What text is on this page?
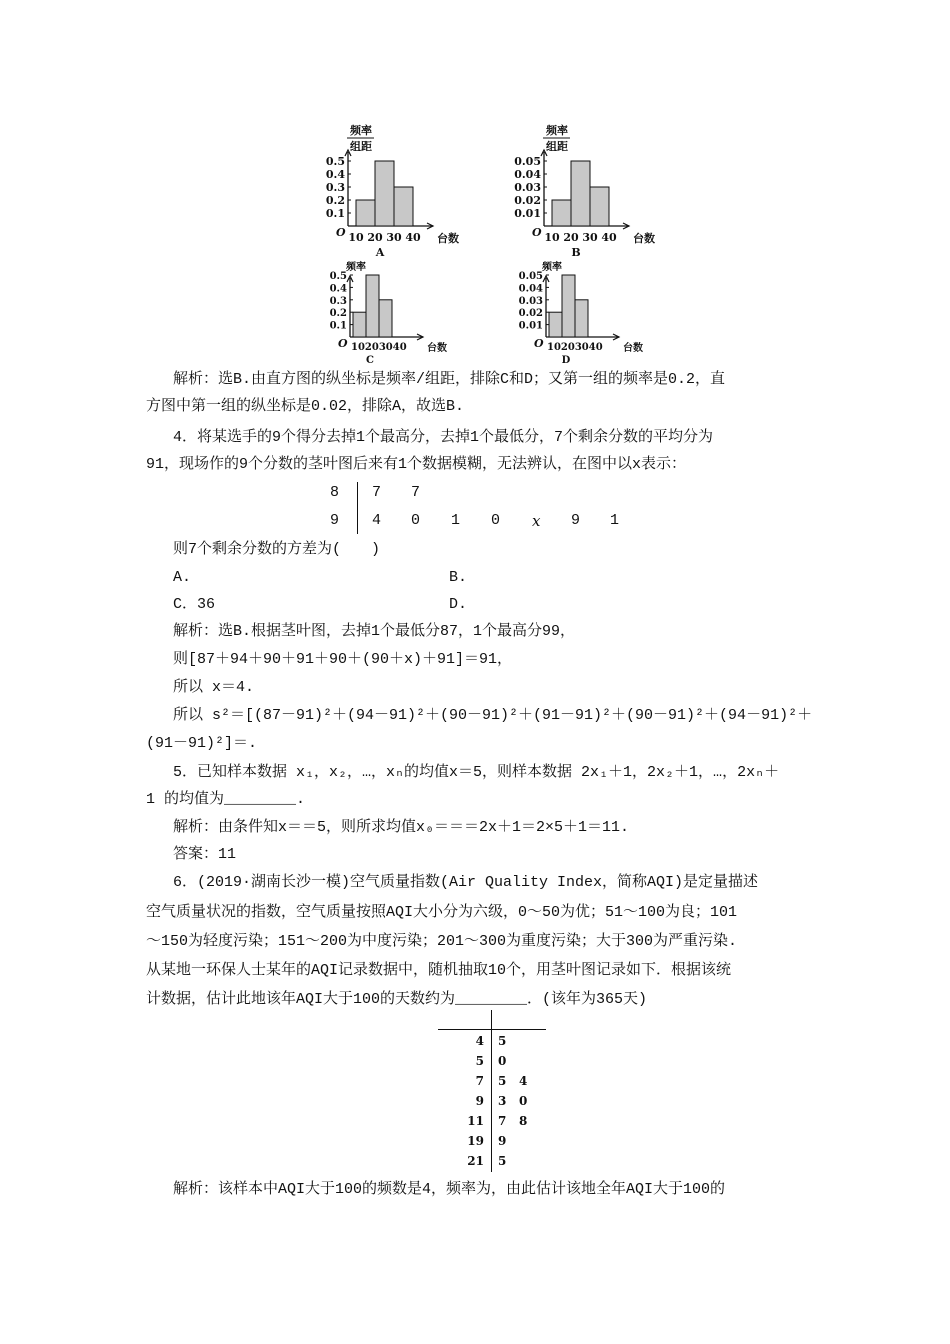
频率
组距
O
0.5
0.4
0.3
0.2
0.1
10 20 30 40 台数
A
频率
组距
O
0.05
0.04
0.03
0.02
0.01
10 20 30 40 台数
B
频率
O
0.5
0.4
0.3
0.2
0.1
10203040 台数
C
频率
O
0.05
0.04
0.03
0.02
0.01
10203040 台数
D
解析：选B.由直方图的纵坐标是频率/组距，排除C和D；又第一组的频率是0.2，直
方图中第一组的纵坐标是0.02，排除A，故选B.
4．将某选手的9个得分去掉1个最高分，去掉1个最低分，7个剩余分数的平均分为
91，现场作的9个分数的茎叶图后来有1个数据模糊，无法辨认，在图中以x表示：
8 7 7
9 4 0 1 0 x 9 1
则7个剩余分数的方差为(　　)
A.	B.
C．36	D.
解析：选B.根据茎叶图，去掉1个最低分87，1个最高分99，
则[87＋94＋90＋91＋90＋(90＋x)＋91]＝91，
所以 x＝4.
所以 s²＝[(87－91)²＋(94－91)²＋(90－91)²＋(91－91)²＋(90－91)²＋(94－91)²＋
(91－91)²]＝.
5．已知样本数据 x₁，x₂，…，xₙ的均值x＝5，则样本数据 2x₁＋1，2x₂＋1，…，2xₙ＋
1 的均值为________.
解析：由条件知x＝＝5，则所求均值x₀＝＝＝2x＋1＝2×5＋1＝11.
答案：11
6．(2019·湖南长沙一模)空气质量指数(Air Quality Index，简称AQI)是定量描述
空气质量状况的指数，空气质量按照AQI大小分为六级，0～50为优；51～100为良；101
～150为轻度污染；151～200为中度污染；201～300为重度污染；大于300为严重污染.
从某地一环保人士某年的AQI记录数据中，随机抽取10个，用茎叶图记录如下．根据该统
计数据，估计此地该年AQI大于100的天数约为________．(该年为365天)
4 5
5 0
7 5 4
9 3 0
11 7 8
19 9
21 5
解析：该样本中AQI大于100的频数是4，频率为，由此估计该地全年AQI大于100的
